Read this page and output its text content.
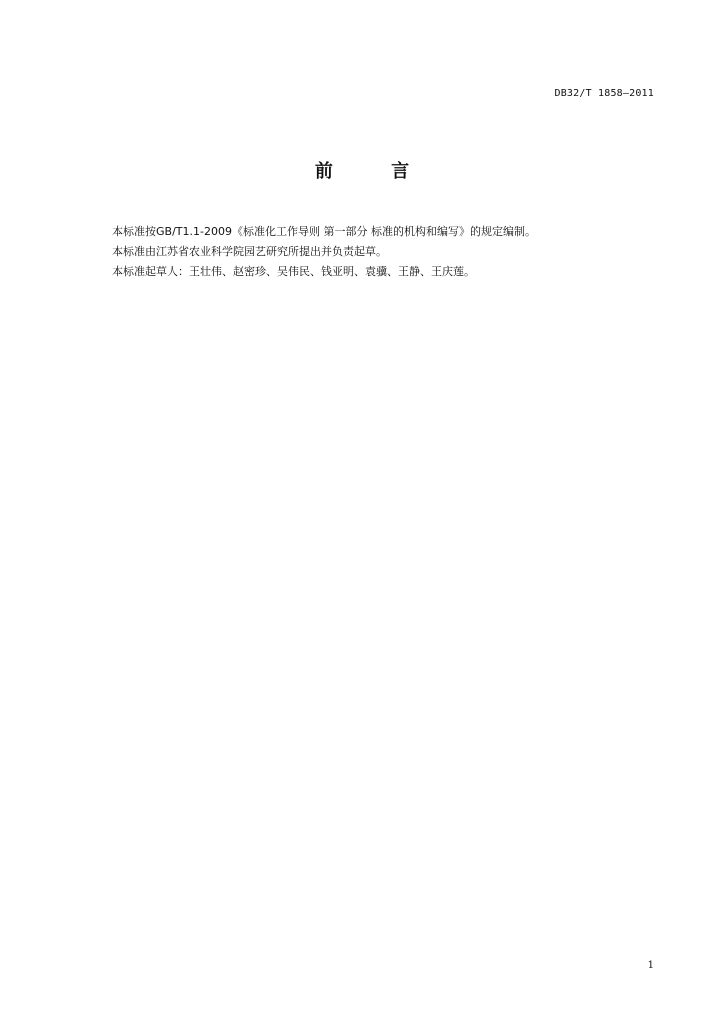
DB32/T 1858—2011
前 言

本标准按GB/T1.1-2009《标准化工作导则 第一部分 标准的机构和编写》的规定编制。

本标准由江苏省农业科学院园艺研究所提出并负责起草。

本标准起草人：王壮伟、赵密珍、吴伟民、钱亚明、袁骥、王静、王庆莲。

1
